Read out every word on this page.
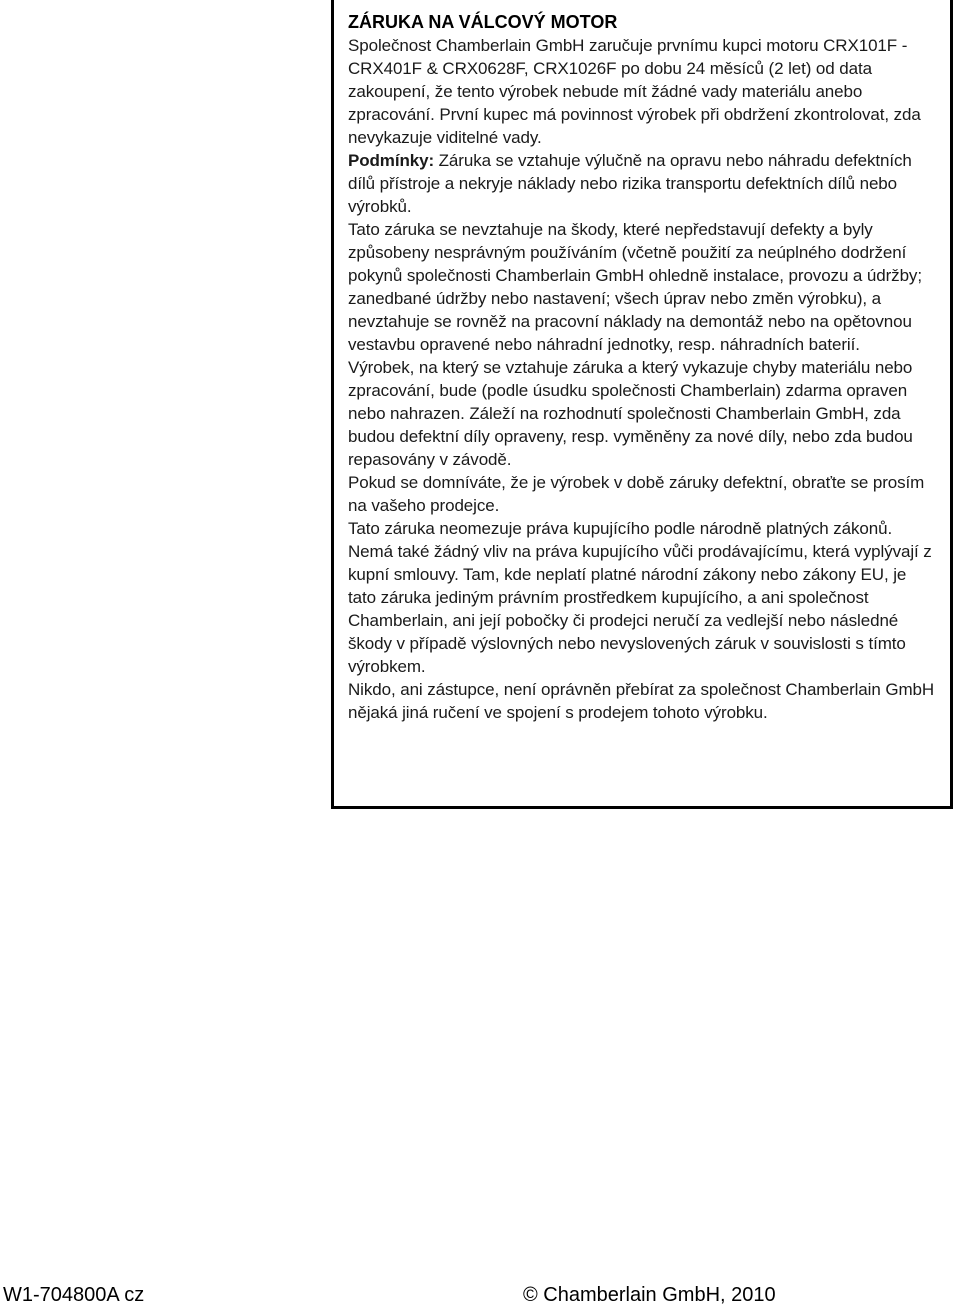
ZÁRUKA NA VÁLCOVÝ MOTOR

Společnost Chamberlain GmbH zaručuje prvnímu kupci motoru CRX101F - CRX401F & CRX0628F, CRX1026F po dobu 24 měsíců (2 let) od data zakoupení, že tento výrobek nebude mít žádné vady materiálu anebo zpracování. První kupec má povinnost výrobek při obdržení zkontrolovat, zda nevykazuje viditelné vady.

Podmínky: Záruka se vztahuje výlučně na opravu nebo náhradu defektních dílů přístroje a nekryje náklady nebo rizika transportu defektních dílů nebo výrobků.

Tato záruka se nevztahuje na škody, které nepředstavují defekty a byly způsobeny nesprávným používáním (včetně použití za neúplného dodržení pokynů společnosti Chamberlain GmbH ohledně instalace, provozu a údržby; zanedbané údržby nebo nastavení; všech úprav nebo změn výrobku), a nevztahuje se rovněž na pracovní náklady na demontáž nebo na opětovnou vestavbu opravené nebo náhradní jednotky, resp. náhradních baterií.

Výrobek, na který se vztahuje záruka a který vykazuje chyby materiálu nebo zpracování, bude (podle úsudku společnosti Chamberlain) zdarma opraven nebo nahrazen. Záleží na rozhodnutí společnosti Chamberlain GmbH, zda budou defektní díly opraveny, resp. vyměněny za nové díly, nebo zda budou repasovány v závodě.

Pokud se domníváte, že je výrobek v době záruky defektní, obraťte se prosím na vašeho prodejce.

Tato záruka neomezuje práva kupujícího podle národně platných zákonů. Nemá také žádný vliv na práva kupujícího vůči prodávajícímu, která vyplývají z kupní smlouvy. Tam, kde neplatí platné národní zákony nebo zákony EU, je tato záruka jediným právním prostředkem kupujícího, a ani společnost Chamberlain, ani její pobočky či prodejci neručí za vedlejší nebo následné škody v případě výslovných nebo nevyslovených záruk v souvislosti s tímto výrobkem.

Nikdo, ani zástupce, není oprávněn přebírat za společnost Chamberlain GmbH nějaká jiná ručení ve spojení s prodejem tohoto výrobku.

W1-704800A cz	© Chamberlain GmbH, 2010
